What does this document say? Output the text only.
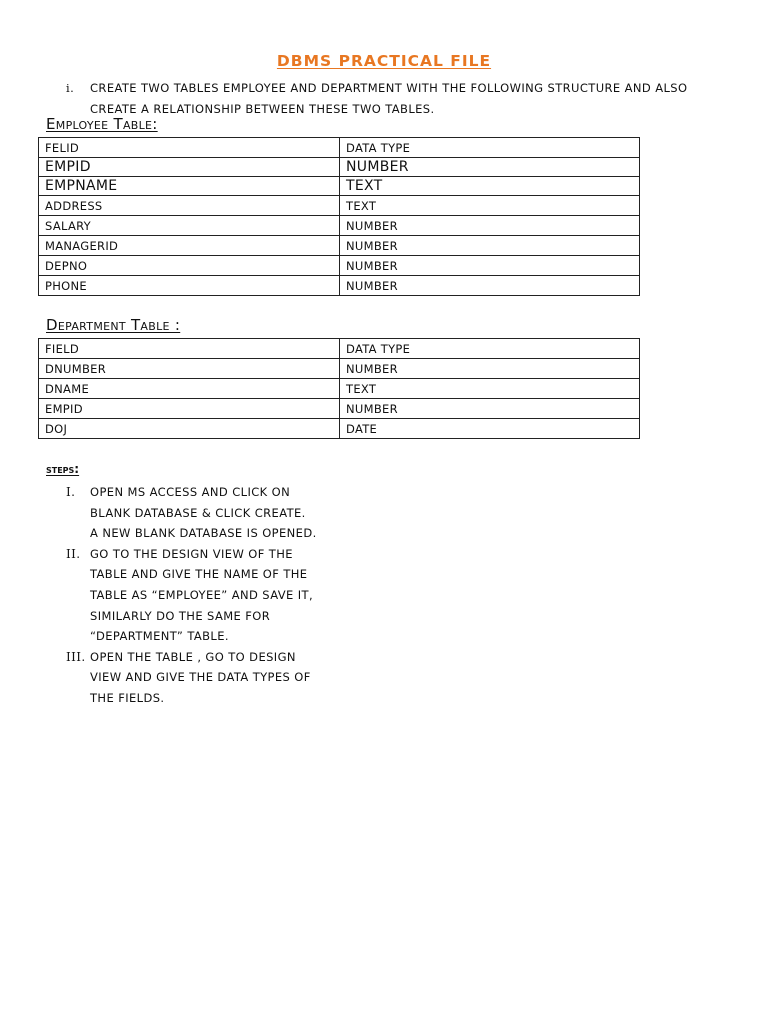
DBMS PRACTICAL FILE
i. CREATE TWO TABLES EMPLOYEE AND DEPARTMENT WITH THE FOLLOWING STRUCTURE AND ALSO
CREATE A RELATIONSHIP BETWEEN THESE TWO TABLES.
Employee Table:
FELID	DATA TYPE
EMPID	NUMBER
EMPNAME	TEXT
ADDRESS	TEXT
SALARY	NUMBER
MANAGERID	NUMBER
DEPNO	NUMBER
PHONE	NUMBER
Department Table :
FIELD	DATA TYPE
DNUMBER	NUMBER
DNAME	TEXT
EMPID	NUMBER
DOJ	DATE
steps:
I. OPEN MS ACCESS AND CLICK ON
BLANK DATABASE & CLICK CREATE.
A NEW BLANK DATABASE IS OPENED.
II. GO TO THE DESIGN VIEW OF THE
TABLE AND GIVE THE NAME OF THE
TABLE AS “EMPLOYEE” AND SAVE IT,
SIMILARLY DO THE SAME FOR
“DEPARTMENT” TABLE.
III. OPEN THE TABLE , GO TO DESIGN
VIEW AND GIVE THE DATA TYPES OF
THE FIELDS.
